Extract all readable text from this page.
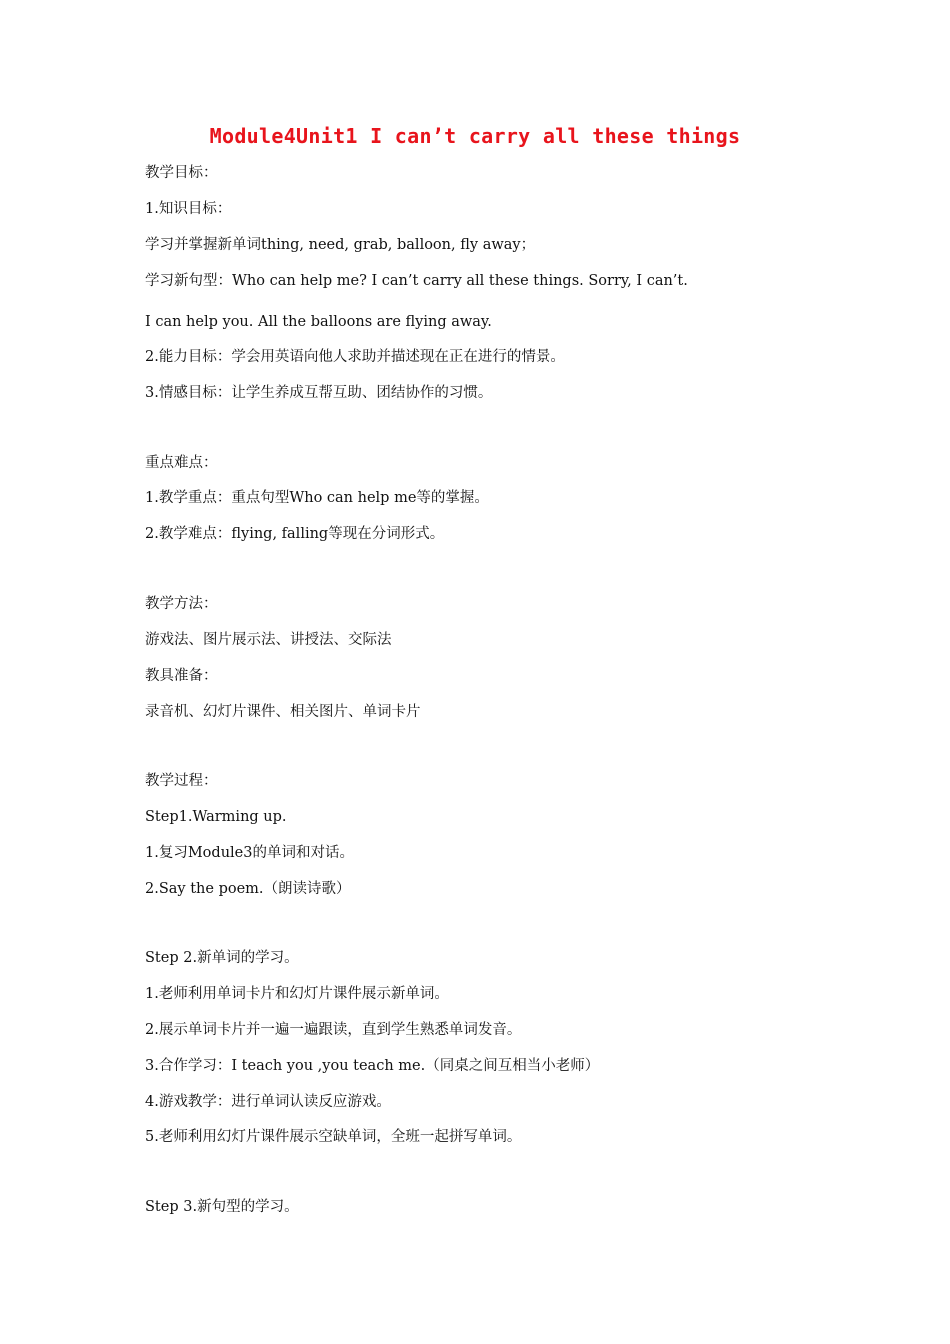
Module4Unit1 I can’t carry all these things
教学目标：
1.知识目标：
学习并掌握新单词thing, need, grab, balloon, fly away；
学习新句型：Who can help me? I can’t carry all these things. Sorry, I can’t.
I can help you. All the balloons are flying away.
2.能力目标：学会用英语向他人求助并描述现在正在进行的情景。
3.情感目标：让学生养成互帮互助、团结协作的习惯。
重点难点：
1.教学重点：重点句型Who can help me等的掌握。
2.教学难点：flying, falling等现在分词形式。
教学方法：
游戏法、图片展示法、讲授法、交际法
教具准备：
录音机、幻灯片课件、相关图片、单词卡片
教学过程：
Step1.Warming up.
1.复习Module3的单词和对话。
2.Say the poem.（朗读诗歌）
Step 2.新单词的学习。
1.老师利用单词卡片和幻灯片课件展示新单词。
2.展示单词卡片并一遍一遍跟读，直到学生熟悉单词发音。
3.合作学习：I teach you ,you teach me.（同桌之间互相当小老师）
4.游戏教学：进行单词认读反应游戏。
5.老师利用幻灯片课件展示空缺单词，全班一起拼写单词。
Step 3.新句型的学习。
